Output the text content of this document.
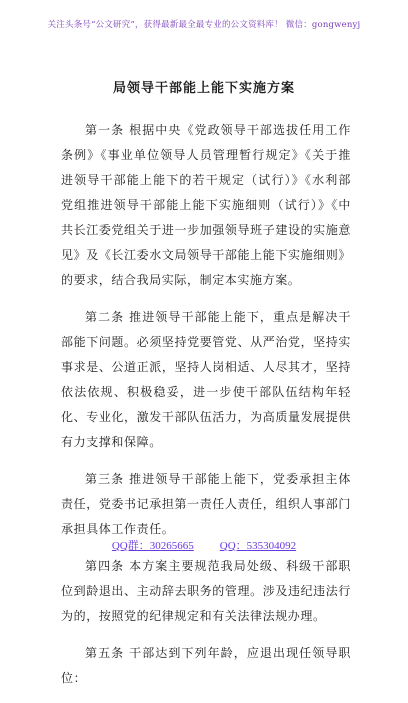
关注头条号“公文研究”，获得最新最全最专业的公文资料库！ 微信：gongwenyj
局领导干部能上能下实施方案

第一条 根据中央《党政领导干部选拔任用工作条例》《事业单位领导人员管理暂行规定》《关于推进领导干部能上能下的若干规定（试行）》《水利部党组推进领导干部能上能下实施细则（试行）》《中共长江委党组关于进一步加强领导班子建设的实施意见》及《长江委水文局领导干部能上能下实施细则》的要求，结合我局实际，制定本实施方案。

第二条 推进领导干部能上能下，重点是解决干部能下问题。必须坚持党要管党、从严治党，坚持实事求是、公道正派，坚持人岗相适、人尽其才，坚持依法依规、积极稳妥，进一步使干部队伍结构年轻化、专业化，激发干部队伍活力，为高质量发展提供有力支撑和保障。

第三条 推进领导干部能上能下，党委承担主体责任，党委书记承担第一责任人责任，组织人事部门承担具体工作责任。

第四条 本方案主要规范我局处级、科级干部职位到龄退出、主动辞去职务的管理。涉及违纪违法行为的，按照党的纪律规定和有关法律法规办理。

第五条 干部达到下列年龄，应退出现任领导职位：

QQ群：30265665 QQ：535304092
